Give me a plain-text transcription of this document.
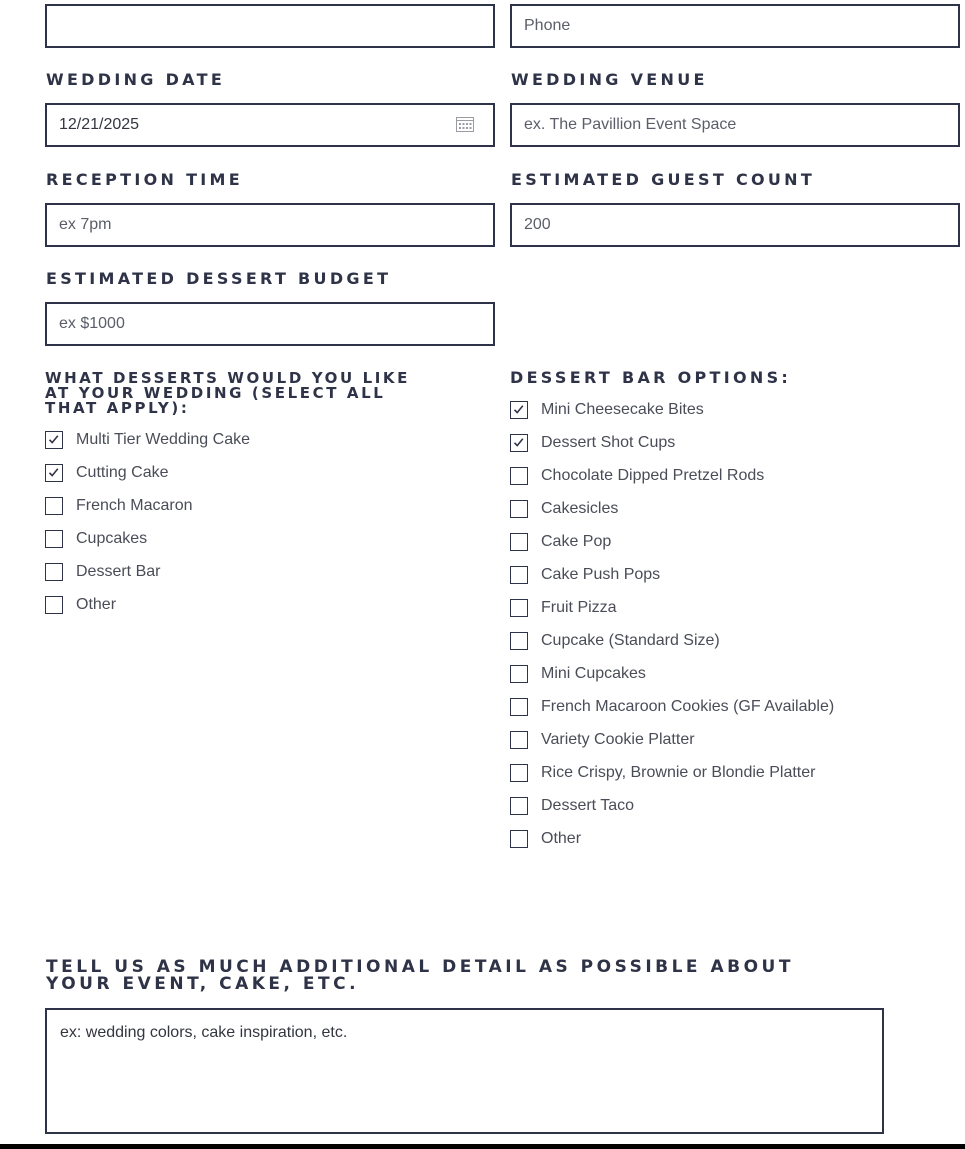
Phone
WEDDING DATE
12/21/2025	WEDDING VENUE
ex. The Pavillion Event Space
RECEPTION TIME
ex 7pm	ESTIMATED GUEST COUNT
200
ESTIMATED DESSERT BUDGET
ex $1000
WHAT DESSERTS WOULD YOU LIKE
AT YOUR WEDDING (SELECT ALL
THAT APPLY):
Multi Tier Wedding Cake
Cutting Cake
French Macaron
Cupcakes
Dessert Bar
Other
DESSERT BAR OPTIONS:
Mini Cheesecake Bites
Dessert Shot Cups
Chocolate Dipped Pretzel Rods
Cakesicles
Cake Pop
Cake Push Pops
Fruit Pizza
Cupcake (Standard Size)
Mini Cupcakes
French Macaroon Cookies (GF Available)
Variety Cookie Platter
Rice Crispy, Brownie or Blondie Platter
Dessert Taco
Other
TELL US AS MUCH ADDITIONAL DETAIL AS POSSIBLE ABOUT
YOUR EVENT, CAKE, ETC.
ex: wedding colors, cake inspiration, etc.
